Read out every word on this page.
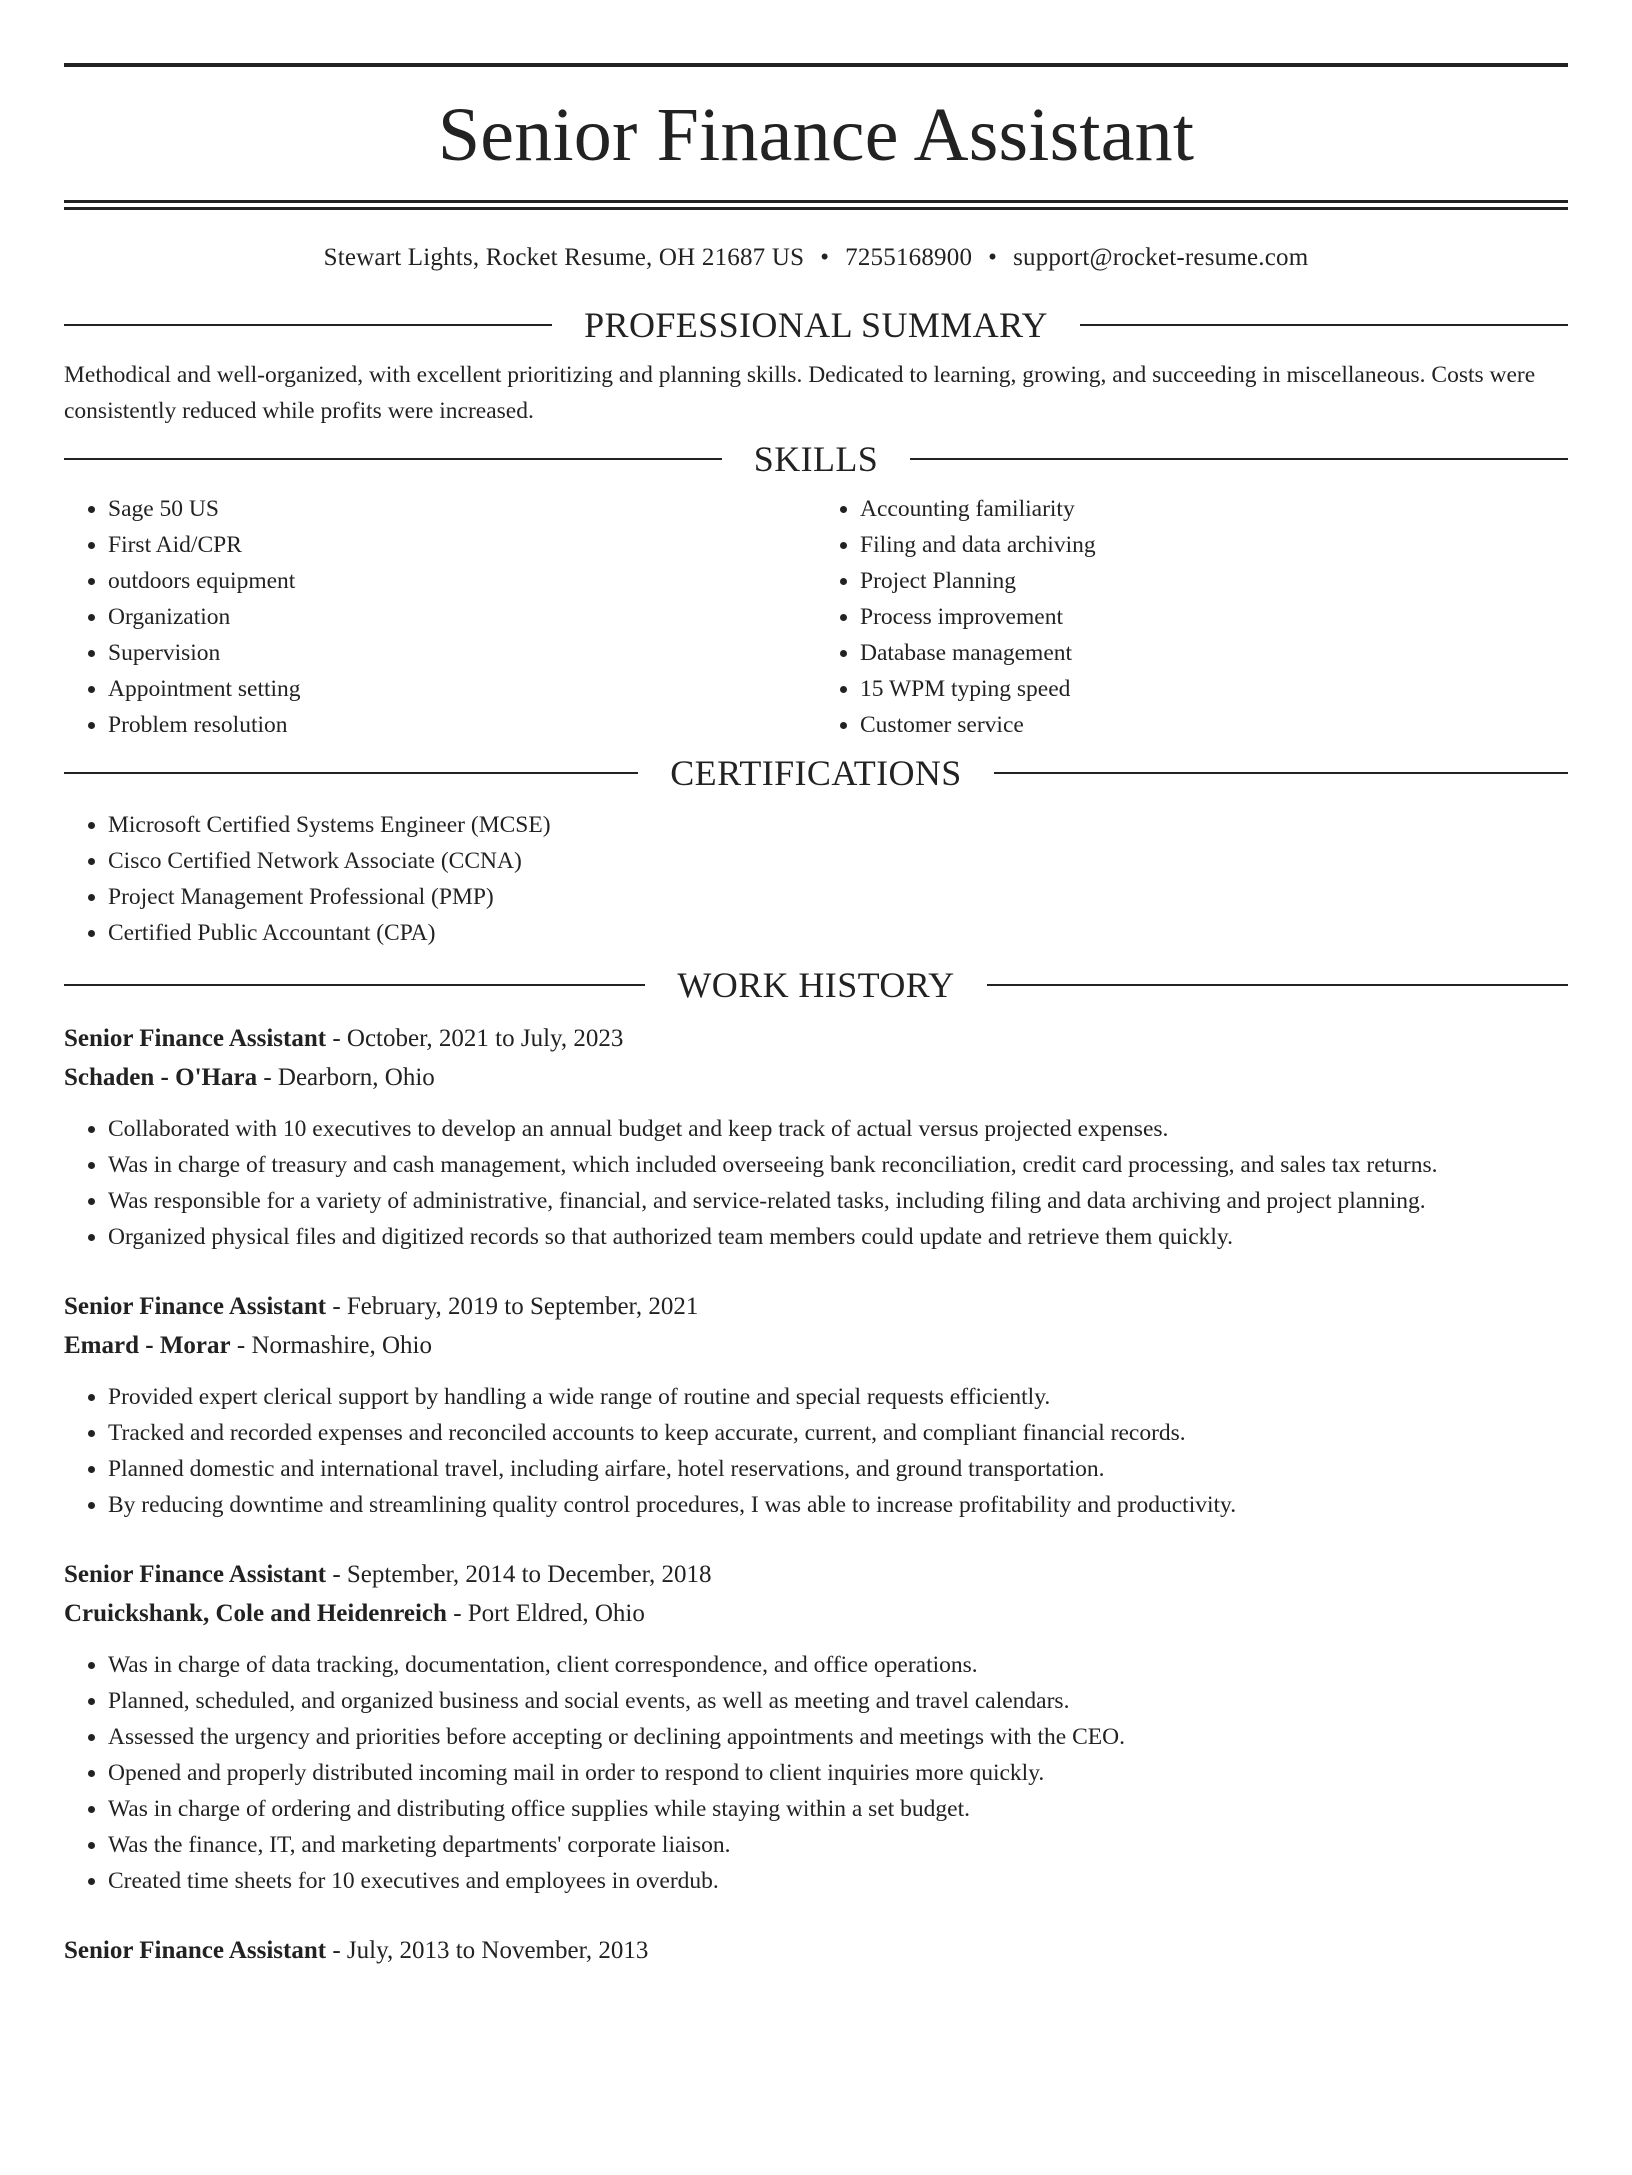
Senior Finance Assistant
Stewart Lights, Rocket Resume, OH 21687 US • 7255168900 • support@rocket-resume.com
PROFESSIONAL SUMMARY

Methodical and well-organized, with excellent prioritizing and planning skills. Dedicated to learning, growing, and succeeding in miscellaneous. Costs were consistently reduced while profits were increased.

SKILLS
• Sage 50 US
• First Aid/CPR
• outdoors equipment
• Organization
• Supervision
• Appointment setting
• Problem resolution
• Accounting familiarity
• Filing and data archiving
• Project Planning
• Process improvement
• Database management
• 15 WPM typing speed
• Customer service
CERTIFICATIONS
• Microsoft Certified Systems Engineer (MCSE)
• Cisco Certified Network Associate (CCNA)
• Project Management Professional (PMP)
• Certified Public Accountant (CPA)
WORK HISTORY

Senior Finance Assistant - October, 2021 to July, 2023

Schaden - O'Hara - Dearborn, Ohio

• Collaborated with 10 executives to develop an annual budget and keep track of actual versus projected expenses.
• Was in charge of treasury and cash management, which included overseeing bank reconciliation, credit card processing, and sales tax returns.
• Was responsible for a variety of administrative, financial, and service-related tasks, including filing and data archiving and project planning.
• Organized physical files and digitized records so that authorized team members could update and retrieve them quickly.

Senior Finance Assistant - February, 2019 to September, 2021

Emard - Morar - Normashire, Ohio

• Provided expert clerical support by handling a wide range of routine and special requests efficiently.
• Tracked and recorded expenses and reconciled accounts to keep accurate, current, and compliant financial records.
• Planned domestic and international travel, including airfare, hotel reservations, and ground transportation.
• By reducing downtime and streamlining quality control procedures, I was able to increase profitability and productivity.

Senior Finance Assistant - September, 2014 to December, 2018

Cruickshank, Cole and Heidenreich - Port Eldred, Ohio

• Was in charge of data tracking, documentation, client correspondence, and office operations.
• Planned, scheduled, and organized business and social events, as well as meeting and travel calendars.
• Assessed the urgency and priorities before accepting or declining appointments and meetings with the CEO.
• Opened and properly distributed incoming mail in order to respond to client inquiries more quickly.
• Was in charge of ordering and distributing office supplies while staying within a set budget.
• Was the finance, IT, and marketing departments' corporate liaison.
• Created time sheets for 10 executives and employees in overdub.

Senior Finance Assistant - July, 2013 to November, 2013
